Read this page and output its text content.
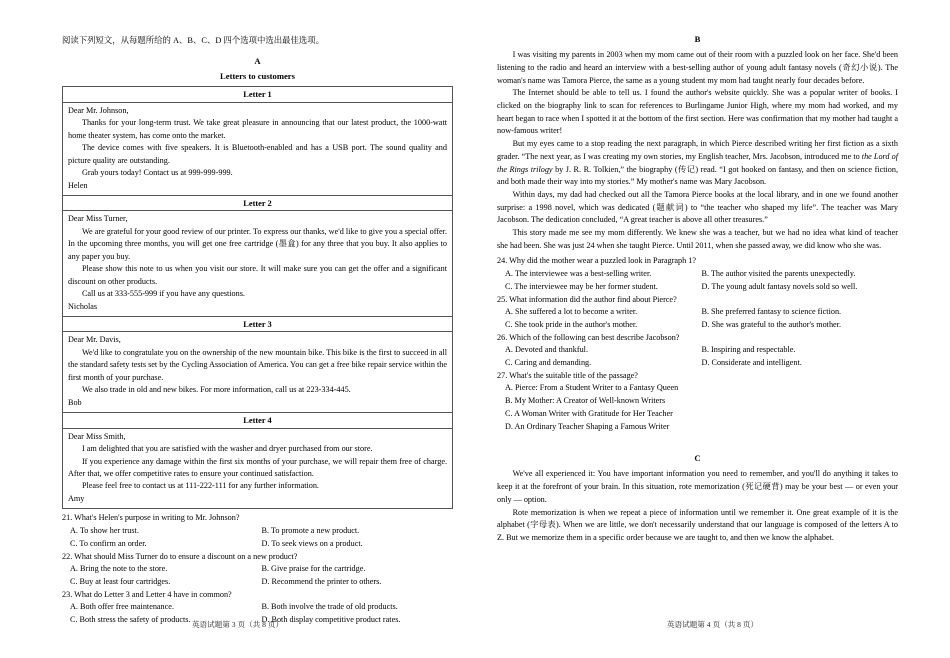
阅读下列短文，从每题所给的 A、B、C、D 四个选项中选出最佳选项。

A
Letters to customers
Letter 1

Dear Mr. Johnson,

Thanks for your long-term trust. We take great pleasure in announcing that our latest product, the 1000-watt home theater system, has come onto the market.

The device comes with five speakers. It is Bluetooth-enabled and has a USB port. The sound quality and picture quality are outstanding.

Grab yours today! Contact us at 999-999-999.

Helen

Letter 2

Dear Miss Turner,

We are grateful for your good review of our printer. To express our thanks, we'd like to give you a special offer. In the upcoming three months, you will get one free cartridge (墨盒) for any three that you buy. It also applies to any paper you buy.

Please show this note to us when you visit our store. It will make sure you can get the offer and a significant discount on other products.

Call us at 333-555-999 if you have any questions.

Nicholas

Letter 3

Dear Mr. Davis,

We'd like to congratulate you on the ownership of the new mountain bike. This bike is the first to succeed in all the standard safety tests set by the Cycling Association of America. You can get a free bike repair service within the first month of your purchase.

We also trade in old and new bikes. For more information, call us at 223-334-445.

Bob

Letter 4

Dear Miss Smith,

I am delighted that you are satisfied with the washer and dryer purchased from our store.

If you experience any damage within the first six months of your purchase, we will repair them free of charge. After that, we offer competitive rates to ensure your continued satisfaction.

Please feel free to contact us at 111-222-111 for any further information.

Amy

21. What's Helen's purpose in writing to Mr. Johnson?

A. To show her trust.	B. To promote a new product.
C. To confirm an order.	D. To seek views on a product.

22. What should Miss Turner do to ensure a discount on a new product?

A. Bring the note to the store.	B. Give praise for the cartridge.
C. Buy at least four cartridges.	D. Recommend the printer to others.

23. What do Letter 3 and Letter 4 have in common?

A. Both offer free maintenance.	B. Both involve the trade of old products.
C. Both stress the safety of products.	D. Both display competitive product rates.
B

I was visiting my parents in 2003 when my mom came out of their room with a puzzled look on her face. She'd been listening to the radio and heard an interview with a best-selling author of young adult fantasy novels (奇幻小说). The woman's name was Tamora Pierce, the same as a young student my mom had taught nearly four decades before.

The Internet should be able to tell us. I found the author's website quickly. She was a popular writer of books. I clicked on the biography link to scan for references to Burlingame Junior High, where my mom had worked, and my heart began to race when I spotted it at the bottom of the first section. Here was confirmation that my mother had taught a now-famous writer!

But my eyes came to a stop reading the next paragraph, in which Pierce described writing her first fiction as a sixth grader. “The next year, as I was creating my own stories, my English teacher, Mrs. Jacobson, introduced me to the Lord of the Rings trilogy by J. R. R. Tolkien,” the biography (传记) read. “I got hooked on fantasy, and then on science fiction, and both made their way into my stories.” My mother's name was Mary Jacobson.

Within days, my dad had checked out all the Tamora Pierce books at the local library, and in one we found another surprise: a 1998 novel, which was dedicated (题献词) to “the teacher who shaped my life”. The teacher was Mary Jacobson. The dedication concluded, “A great teacher is above all other treasures.”

This story made me see my mom differently. We knew she was a teacher, but we had no idea what kind of teacher she had been. She was just 24 when she taught Pierce. Until 2011, when she passed away, we did know who she was.

24. Why did the mother wear a puzzled look in Paragraph 1?

A. The interviewee was a best-selling writer.	B. The author visited the parents unexpectedly.
C. The interviewee may be her former student.	D. The young adult fantasy novels sold so well.

25. What information did the author find about Pierce?

A. She suffered a lot to become a writer.	B. She preferred fantasy to science fiction.
C. She took pride in the author's mother.	D. She was grateful to the author's mother.

26. Which of the following can best describe Jacobson?

A. Devoted and thankful.	B. Inspiring and respectable.
C. Caring and demanding.	D. Considerate and intelligent.

27. What's the suitable title of the passage?

A. Pierce: From a Student Writer to a Fantasy Queen
B. My Mother: A Creator of Well-known Writers
C. A Woman Writer with Gratitude for Her Teacher
D. An Ordinary Teacher Shaping a Famous Writer
C

We've all experienced it: You have important information you need to remember, and you'll do anything it takes to keep it at the forefront of your brain. In this situation, rote memorization (死记硬背) may be your best — or even your only — option.

Rote memorization is when we repeat a piece of information until we remember it. One great example of it is the alphabet (字母表). When we are little, we don't necessarily understand that our language is composed of the letters A to Z. But we memorize them in a specific order because we are taught to, and then we know the alphabet.

英语试题第 3 页（共 8 页）	英语试题第 4 页（共 8 页）
